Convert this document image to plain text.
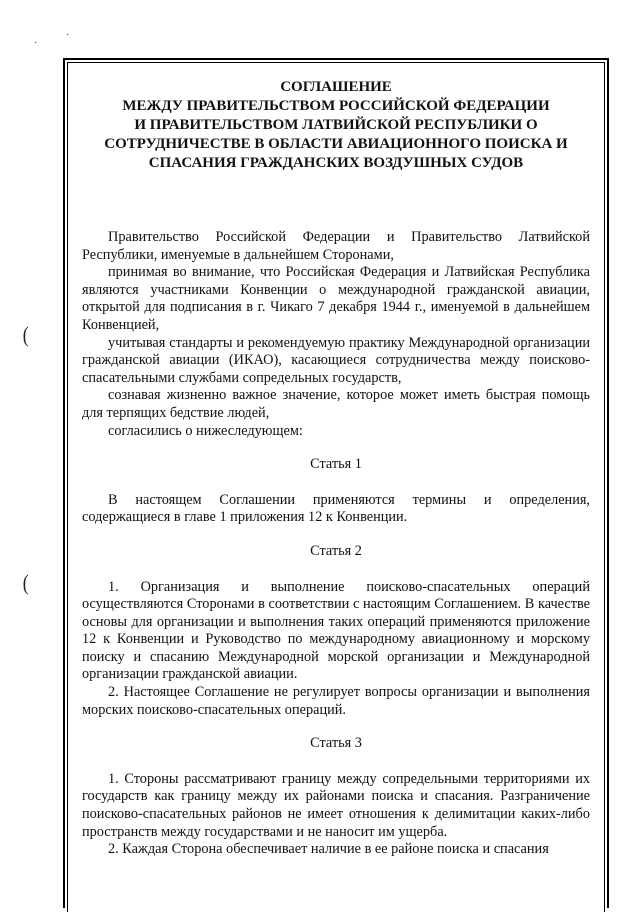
·
·
(
(
СОГЛАШЕНИЕ
МЕЖДУ ПРАВИТЕЛЬСТВОМ РОССИЙСКОЙ ФЕДЕРАЦИИ
И ПРАВИТЕЛЬСТВОМ ЛАТВИЙСКОЙ РЕСПУБЛИКИ О
СОТРУДНИЧЕСТВЕ В ОБЛАСТИ АВИАЦИОННОГО ПОИСКА И
СПАСАНИЯ ГРАЖДАНСКИХ ВОЗДУШНЫХ СУДОВ

Правительство Российской Федерации и Правительство Латвийской Республики, именуемые в дальнейшем Сторонами,

принимая во внимание, что Российская Федерация и Латвийская Республика являются участниками Конвенции о международной гражданской авиации, открытой для подписания в г. Чикаго 7 декабря 1944 г., именуемой в дальнейшем Конвенцией,

учитывая стандарты и рекомендуемую практику Международной организации гражданской авиации (ИКАО), касающиеся сотрудничества между поисково-спасательными службами сопредельных государств,

сознавая жизненно важное значение, которое может иметь быстрая помощь для терпящих бедствие людей,

согласились о нижеследующем:

Статья 1

В настоящем Соглашении применяются термины и определения, содержащиеся в главе 1 приложения 12 к Конвенции.

Статья 2

1. Организация и выполнение поисково-спасательных операций осуществляются Сторонами в соответствии с настоящим Соглашением. В качестве основы для организации и выполнения таких операций применяются приложение 12 к Конвенции и Руководство по международному авиационному и морскому поиску и спасанию Международной морской организации и Международной организации гражданской авиации.

2. Настоящее Соглашение не регулирует вопросы организации и выполнения морских поисково-спасательных операций.

Статья 3

1. Стороны рассматривают границу между сопредельными территориями их государств как границу между их районами поиска и спасания. Разграничение поисково-спасательных районов не имеет отношения к делимитации каких-либо пространств между государствами и не наносит им ущерба.

2. Каждая Сторона обеспечивает наличие в ее районе поиска и спасания
